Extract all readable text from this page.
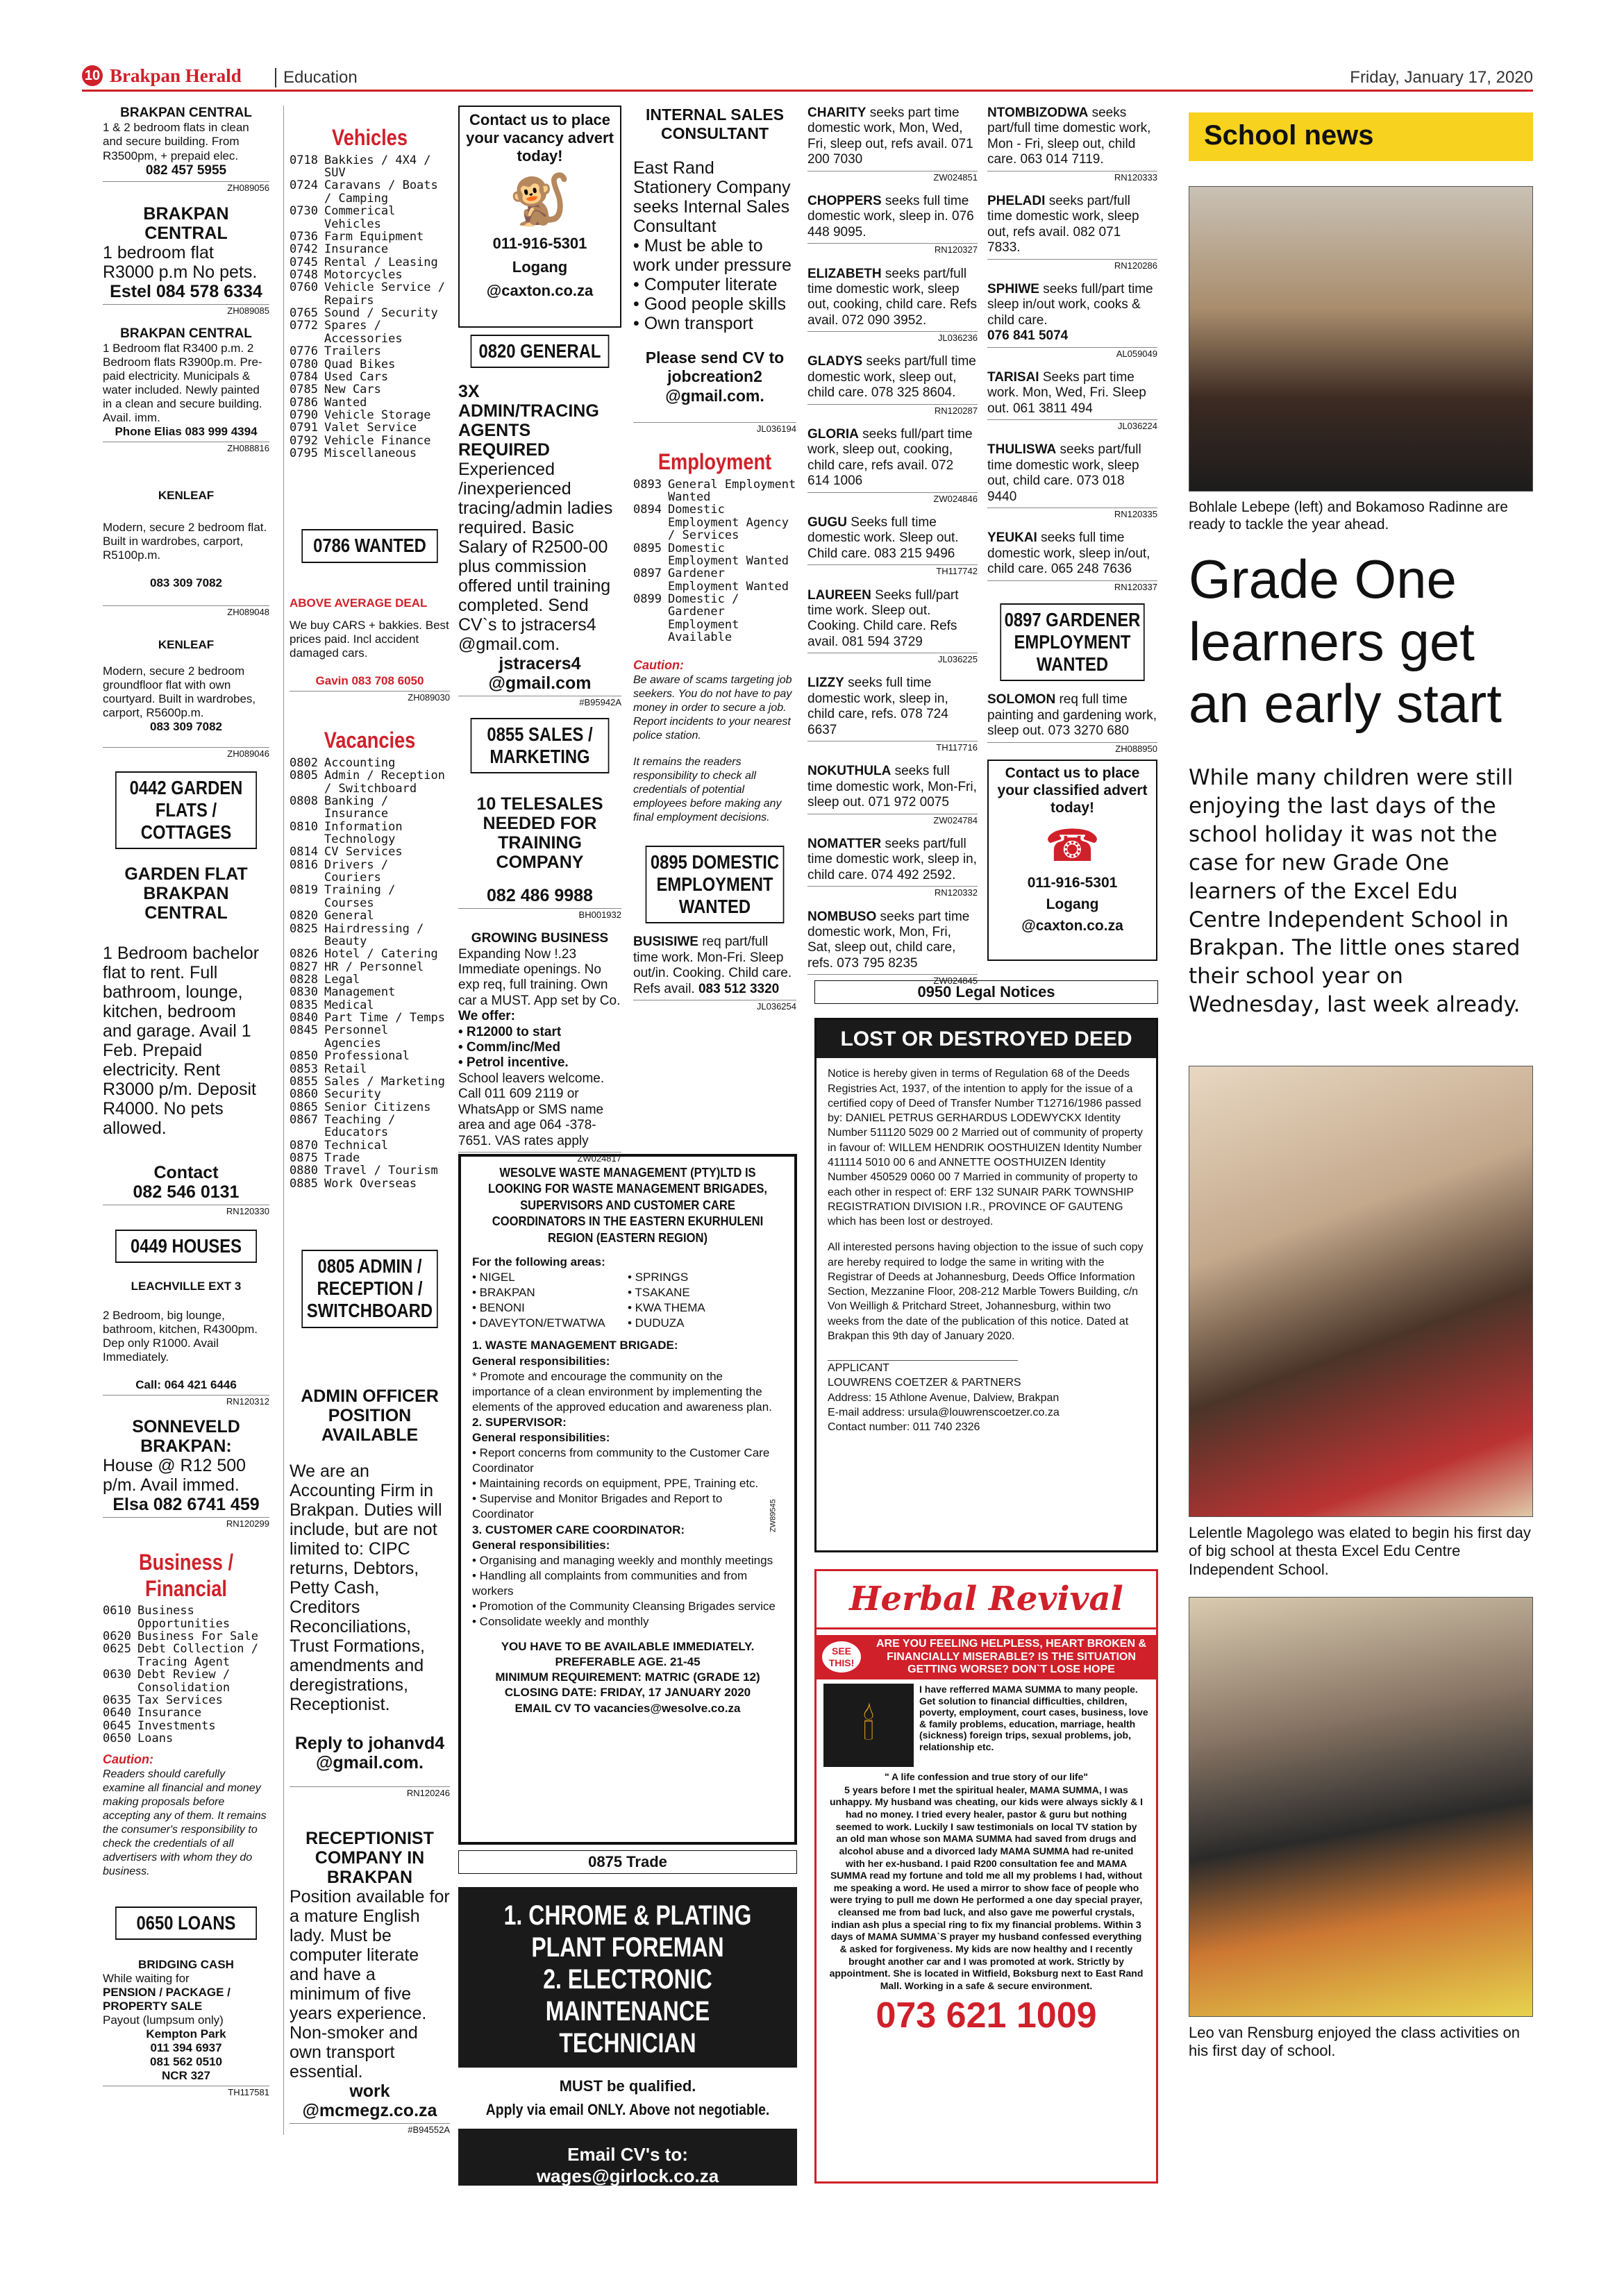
10 Brakpan Herald	Education	Friday, January 17, 2020
BRAKPAN CENTRAL
1 & 2 bedroom flats in clean and secure building. From R3500pm, + prepaid elec.
082 457 5955
ZH089056
BRAKPAN CENTRAL
1 bedroom flat R3000 p.m No pets.
Estel 084 578 6334
ZH089085
BRAKPAN CENTRAL
1 Bedroom flat R3400 p.m. 2 Bedroom flats R3900p.m. Pre- paid electricity. Municipals & water included. Newly painted in a clean and secure building. Avail. imm.
Phone Elias 083 999 4394
ZH088816
KENLEAF
Modern, secure 2 bedroom flat. Built in wardrobes, carport, R5100p.m.
083 309 7082
ZH089048
KENLEAF
Modern, secure 2 bedroom groundfloor flat with own courtyard. Built in wardrobes, carport, R5600p.m.
083 309 7082
ZH089046
0442 GARDEN FLATS / COTTAGES
GARDEN FLAT BRAKPAN CENTRAL
1 Bedroom bachelor flat to rent. Full bathroom, lounge, kitchen, bedroom and garage. Avail 1 Feb. Prepaid electricity. Rent R3000 p/m. Deposit R4000. No pets allowed.
Contact
082 546 0131
RN120330
0449 HOUSES
LEACHVILLE EXT 3
2 Bedroom, big lounge, bathroom, kitchen, R4300pm. Dep only R1000. Avail Immediately.
Call: 064 421 6446
RN120312
SONNEVELD BRAKPAN:
House @ R12 500 p/m. Avail immed.
Elsa 082 6741 459
RN120299
Business / Financial
0610 Business Opportunities
0620 Business For Sale
0625 Debt Collection / Tracing Agent
0630 Debt Review / Consolidation
0635 Tax Services
0640 Insurance
0645 Investments
0650 Loans
Caution:
Readers should carefully examine all financial and money making proposals before accepting any of them. It remains the consumer's responsibility to check the credentials of all advertisers with whom they do business.
0650 LOANS
BRIDGING CASH
While waiting for
PENSION / PACKAGE / PROPERTY SALE
Payout (lumpsum only)
Kempton Park
011 394 6937
081 562 0510
NCR 327
TH117581
Vehicles
0718 Bakkies / 4X4 / SUV
0724 Caravans / Boats / Camping
0730 Commerical Vehicles
0736 Farm Equipment
0742 Insurance
0745 Rental / Leasing
0748 Motorcycles
0760 Vehicle Service / Repairs
0765 Sound / Security
0772 Spares / Accessories
0776 Trailers
0780 Quad Bikes
0784 Used Cars
0785 New Cars
0786 Wanted
0790 Vehicle Storage
0791 Valet Service
0792 Vehicle Finance
0795 Miscellaneous
0786 WANTED
ABOVE AVERAGE DEAL
We buy CARS + bakkies. Best prices paid. Incl accident damaged cars.
Gavin 083 708 6050
ZH089030
Vacancies
0802 Accounting
0805 Admin / Reception / Switchboard
0808 Banking / Insurance
0810 Information Technology
0814 CV Services
0816 Drivers / Couriers
0819 Training / Courses
0820 General
0825 Hairdressing / Beauty
0826 Hotel / Catering
0827 HR / Personnel
0828 Legal
0830 Management
0835 Medical
0840 Part Time / Temps
0845 Personnel Agencies
0850 Professional
0853 Retail
0855 Sales / Marketing
0860 Security
0865 Senior Citizens
0867 Teaching / Educators
0870 Technical
0875 Trade
0880 Travel / Tourism
0885 Work Overseas
0805 ADMIN / RECEPTION / SWITCHBOARD
ADMIN OFFICER POSITION AVAILABLE
We are an Accounting Firm in Brakpan. Duties will include, but are not limited to: CIPC returns, Debtors, Petty Cash, Creditors Reconciliations, Trust Formations, amendments and deregistrations, Receptionist.
Reply to johanvd4 @gmail.com.
RN120246
RECEPTIONIST COMPANY IN BRAKPAN
Position available for a mature English lady. Must be computer literate and have a minimum of five years experience. Non-smoker and own transport essential.
work @mcmegz.co.za
#B94552A
Contact us to place your vacancy advert today!
🐒
011-916-5301
Logang
@caxton.co.za
0820 GENERAL
3X ADMIN/TRACING AGENTS REQUIRED
Experienced /inexperienced tracing/admin ladies required. Basic Salary of R2500-00 plus commission offered until training completed. Send CV`s to jstracers4 @gmail.com.
jstracers4 @gmail.com
#B95942A
0855 SALES / MARKETING
10 TELESALES NEEDED FOR TRAINING COMPANY
082 486 9988
BH001932
GROWING BUSINESS
Expanding Now !.23 Immediate openings. No exp req, full training. Own car a MUST. App set by Co.
We offer:
• R12000 to start
• Comm/inc/Med
• Petrol incentive.
School leavers welcome. Call 011 609 2119 or WhatsApp or SMS name area and age 064 -378-7651. VAS rates apply
ZW024817
INTERNAL SALES CONSULTANT
East Rand Stationery Company seeks Internal Sales Consultant
• Must be able to work under pressure
• Computer literate
• Good people skills
• Own transport
Please send CV to jobcreation2 @gmail.com.
JL036194
Employment
0893 General Employment Wanted
0894 Domestic Employment Agency / Services
0895 Domestic Employment Wanted
0897 Gardener Employment Wanted
0899 Domestic / Gardener Employment Available
Caution:
Be aware of scams targeting job seekers. You do not have to pay money in order to secure a job. Report incidents to your nearest police station.
It remains the readers responsibility to check all credentials of potential employees before making any final employment decisions.
0895 DOMESTIC EMPLOYMENT WANTED
BUSISIWE req part/full time work. Mon-Fri. Sleep out/in. Cooking. Child care. Refs avail. 083 512 3320
JL036254
CHARITY seeks part time domestic work, Mon, Wed, Fri, sleep out, refs avail. 071 200 7030
ZW024851
CHOPPERS seeks full time domestic work, sleep in. 076 448 9095.
RN120327
ELIZABETH seeks part/full time domestic work, sleep out, cooking, child care. Refs avail. 072 090 3952.
JL036236
GLADYS seeks part/full time domestic work, sleep out, child care. 078 325 8604.
RN120287
GLORIA seeks full/part time work, sleep out, cooking, child care, refs avail. 072 614 1006
ZW024846
GUGU Seeks full time domestic work. Sleep out. Child care. 083 215 9496
TH117742
LAUREEN Seeks full/part time work. Sleep out. Cooking. Child care. Refs avail. 081 594 3729
JL036225
LIZZY seeks full time domestic work, sleep in, child care, refs. 078 724 6637
TH117716
NOKUTHULA seeks full time domestic work, Mon-Fri, sleep out. 071 972 0075
ZW024784
NOMATTER seeks part/full time domestic work, sleep in, child care. 074 492 2592.
RN120332
NOMBUSO seeks part time domestic work, Mon, Fri, Sat, sleep out, child care, refs. 073 795 8235
ZW024845
NTOMBIZODWA seeks part/full time domestic work, Mon - Fri, sleep out, child care. 063 014 7119.
RN120333
PHELADI seeks part/full time domestic work, sleep out, refs avail. 082 071 7833.
RN120286
SPHIWE seeks full/part time sleep in/out work, cooks & child care.
076 841 5074
AL059049
TARISAI Seeks part time work. Mon, Wed, Fri. Sleep out. 061 3811 494
JL036224
THULISWA seeks part/full time domestic work, sleep out, child care. 073 018 9440
RN120335
YEUKAI seeks full time domestic work, sleep in/out, child care. 065 248 7636
RN120337
0897 GARDENER EMPLOYMENT WANTED
SOLOMON req full time painting and gardening work, sleep out. 073 3270 680
ZH088950
Contact us to place your classified advert today!
☎
011-916-5301
Logang
@caxton.co.za
WESOLVE WASTE MANAGEMENT (PTY)LTD IS LOOKING FOR WASTE MANAGEMENT BRIGADES, SUPERVISORS AND CUSTOMER CARE COORDINATORS IN THE EASTERN EKURHULENI REGION (EASTERN REGION)
For the following areas:
• NIGEL
• BRAKPAN
• BENONI
• DAVEYTON/ETWATWA
• SPRINGS
• TSAKANE
• KWA THEMA
• DUDUZA
1. WASTE MANAGEMENT BRIGADE:
General responsibilities:
* Promote and encourage the community on the importance of a clean environment by implementing the elements of the approved education and awareness plan.
2. SUPERVISOR:
General responsibilities:
• Report concerns from community to the Customer Care Coordinator
• Maintaining records on equipment, PPE, Training etc.
• Supervise and Monitor Brigades and Report to Coordinator
3. CUSTOMER CARE COORDINATOR:
General responsibilities:
• Organising and managing weekly and monthly meetings
• Handling all complaints from communities and from workers
• Promotion of the Community Cleansing Brigades service
• Consolidate weekly and monthly
YOU HAVE TO BE AVAILABLE IMMEDIATELY.
PREFERABLE AGE. 21-45
MINIMUM REQUIREMENT: MATRIC (GRADE 12)
CLOSING DATE: FRIDAY, 17 JANUARY 2020
EMAIL CV TO vacancies@wesolve.co.za
ZW89545
0875 Trade
1. CHROME & PLATING PLANT FOREMAN
2. ELECTRONIC MAINTENANCE TECHNICIAN
MUST be qualified.
Apply via email ONLY. Above not negotiable.
Email CV's to:
wages@girlock.co.za
0950 Legal Notices
LOST OR DESTROYED DEED

Notice is hereby given in terms of Regulation 68 of the Deeds Registries Act, 1937, of the intention to apply for the issue of a certified copy of Deed of Transfer Number T12716/1986 passed by: DANIEL PETRUS GERHARDUS LODEWYCKX Identity Number 511120 5029 00 2 Married out of community of property in favour of: WILLEM HENDRIK OOSTHUIZEN Identity Number 411114 5010 00 6 and ANNETTE OOSTHUIZEN Identity Number 450529 0060 00 7 Married in community of property to each other in respect of: ERF 132 SUNAIR PARK TOWNSHIP REGISTRATION DIVISION I.R., PROVINCE OF GAUTENG which has been lost or destroyed.

All interested persons having objection to the issue of such copy are hereby required to lodge the same in writing with the Registrar of Deeds at Johannesburg, Deeds Office Information Section, Mezzanine Floor, 208-212 Marble Towers Building, c/n Von Weilligh & Pritchard Street, Johannesburg, within two weeks from the date of the publication of this notice. Dated at Brakpan this 9th day of January 2020.

APPLICANT
LOUWRENS COETZER & PARTNERS
Address: 15 Athlone Avenue, Dalview, Brakpan
E-mail address: ursula@louwrenscoetzer.co.za
Contact number: 011 740 2326
Herbal Revival
SEE THIS!
ARE YOU FEELING HELPLESS, HEART BROKEN & FINANCIALLY MISERABLE? IS THE SITUATION GETTING WORSE? DON`T LOSE HOPE
🕯
I have refferred MAMA SUMMA to many people. Get solution to financial difficulties, children, poverty, employment, court cases, business, love & family problems, education, marriage, health (sickness) foreign trips, sexual problems, job, relationship etc.
" A life confession and true story of our life"
5 years before I met the spiritual healer, MAMA SUMMA, I was unhappy. My husband was cheating, our kids were always sickly & I had no money. I tried every healer, pastor & guru but nothing seemed to work. Luckily I saw testimonials on local TV station by an old man whose son MAMA SUMMA had saved from drugs and alcohol abuse and a divorced lady MAMA SUMMA had re-united with her ex-husband. I paid R200 consultation fee and MAMA SUMMA read my fortune and told me all my problems I had, without me speaking a word. He used a mirror to show face of people who were trying to pull me down He performed a one day special prayer, cleansed me from bad luck, and also gave me powerful crystals, indian ash plus a special ring to fix my financial problems. Within 3 days of MAMA SUMMA`S prayer my husband confessed everything & asked for forgiveness. My kids are now healthy and I recently brought another car and I was promoted at work. Strictly by appointment. She is located in Witfield, Boksburg next to East Rand Mall. Working in a safe & secure environment.
073 621 1009
School news
Bohlale Lebepe (left) and Bokamoso Radinne are ready to tackle the year ahead.
Grade One learners get an early start
While many children were still enjoying the last days of the school holiday it was not the case for new Grade One learners of the Excel Edu Centre Independent School in Brakpan. The little ones stared their school year on Wednesday, last week already.
Lelentle Magolego was elated to begin his first day of big school at thesta Excel Edu Centre Independent School.
Leo van Rensburg enjoyed the class activities on his first day of school.
